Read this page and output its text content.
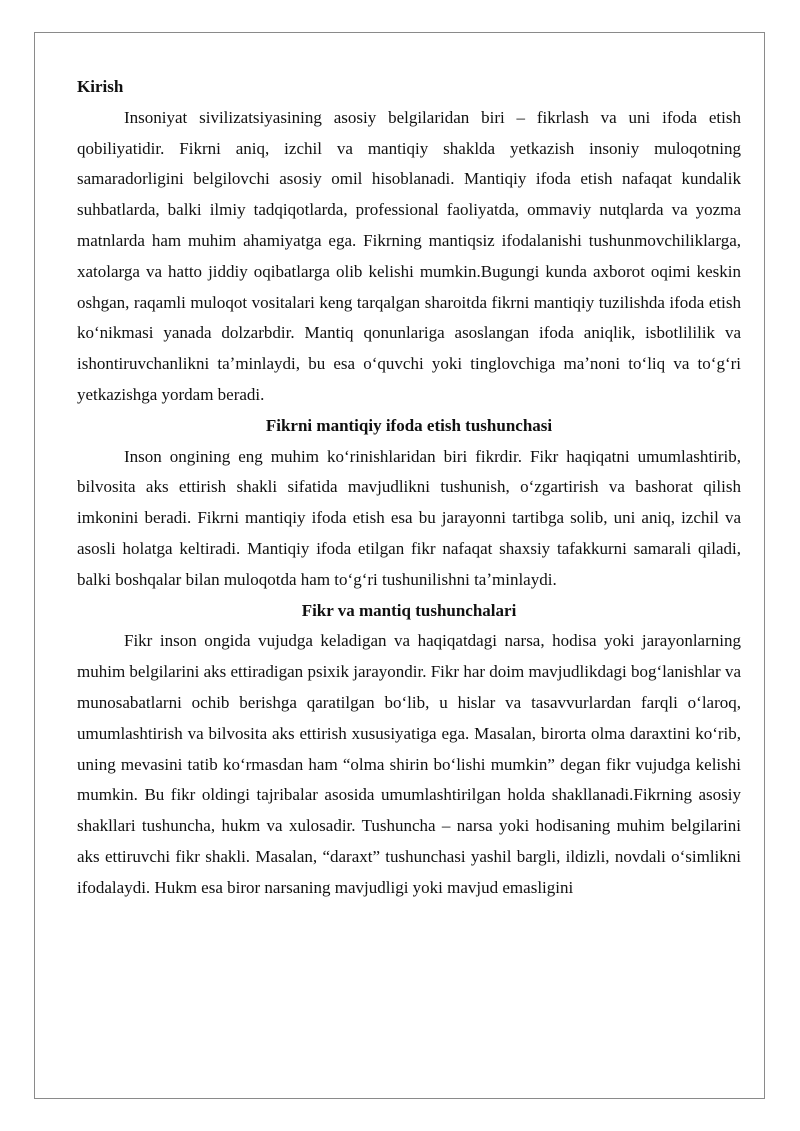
Kirish

Insoniyat sivilizatsiyasining asosiy belgilaridan biri – fikrlash va uni ifoda etish qobiliyatidir. Fikrni aniq, izchil va mantiqiy shaklda yetkazish insoniy muloqotning samaradorligini belgilovchi asosiy omil hisoblanadi. Mantiqiy ifoda etish nafaqat kundalik suhbatlarda, balki ilmiy tadqiqotlarda, professional faoliyatda, ommaviy nutqlarda va yozma matnlarda ham muhim ahamiyatga ega. Fikrning mantiqsiz ifodalanishi tushunmovchiliklarga, xatolarga va hatto jiddiy oqibatlarga olib kelishi mumkin.Bugungi kunda axborot oqimi keskin oshgan, raqamli muloqot vositalari keng tarqalgan sharoitda fikrni mantiqiy tuzilishda ifoda etish koʻnikmasi yanada dolzarbdir. Mantiq qonunlariga asoslangan ifoda aniqlik, isbotlililik va ishontiruvchanlikni taʼminlaydi, bu esa oʻquvchi yoki tinglovchiga maʼnoni toʻliq va toʻgʻri yetkazishga yordam beradi.

Fikrni mantiqiy ifoda etish tushunchasi

Inson ongining eng muhim koʻrinishlaridan biri fikrdir. Fikr haqiqatni umumlashtirib, bilvosita aks ettirish shakli sifatida mavjudlikni tushunish, oʻzgartirish va bashorat qilish imkonini beradi. Fikrni mantiqiy ifoda etish esa bu jarayonni tartibga solib, uni aniq, izchil va asosli holatga keltiradi. Mantiqiy ifoda etilgan fikr nafaqat shaxsiy tafakkurni samarali qiladi, balki boshqalar bilan muloqotda ham toʻgʻri tushunilishni taʼminlaydi.

Fikr va mantiq tushunchalari

Fikr inson ongida vujudga keladigan va haqiqatdagi narsa, hodisa yoki jarayonlarning muhim belgilarini aks ettiradigan psixik jarayondir. Fikr har doim mavjudlikdagi bogʻlanishlar va munosabatlarni ochib berishga qaratilgan boʻlib, u hislar va tasavvurlardan farqli oʻlaroq, umumlashtirish va bilvosita aks ettirish xususiyatiga ega. Masalan, birorta olma daraxtini koʻrib, uning mevasini tatib koʻrmasdan ham “olma shirin boʻlishi mumkin” degan fikr vujudga kelishi mumkin. Bu fikr oldingi tajribalar asosida umumlashtirilgan holda shakllanadi.Fikrning asosiy shakllari tushuncha, hukm va xulosadir. Tushuncha – narsa yoki hodisaning muhim belgilarini aks ettiruvchi fikr shakli. Masalan, “daraxt” tushunchasi yashil bargli, ildizli, novdali oʻsimlikni ifodalaydi. Hukm esa biror narsaning mavjudligi yoki mavjud emasligini
